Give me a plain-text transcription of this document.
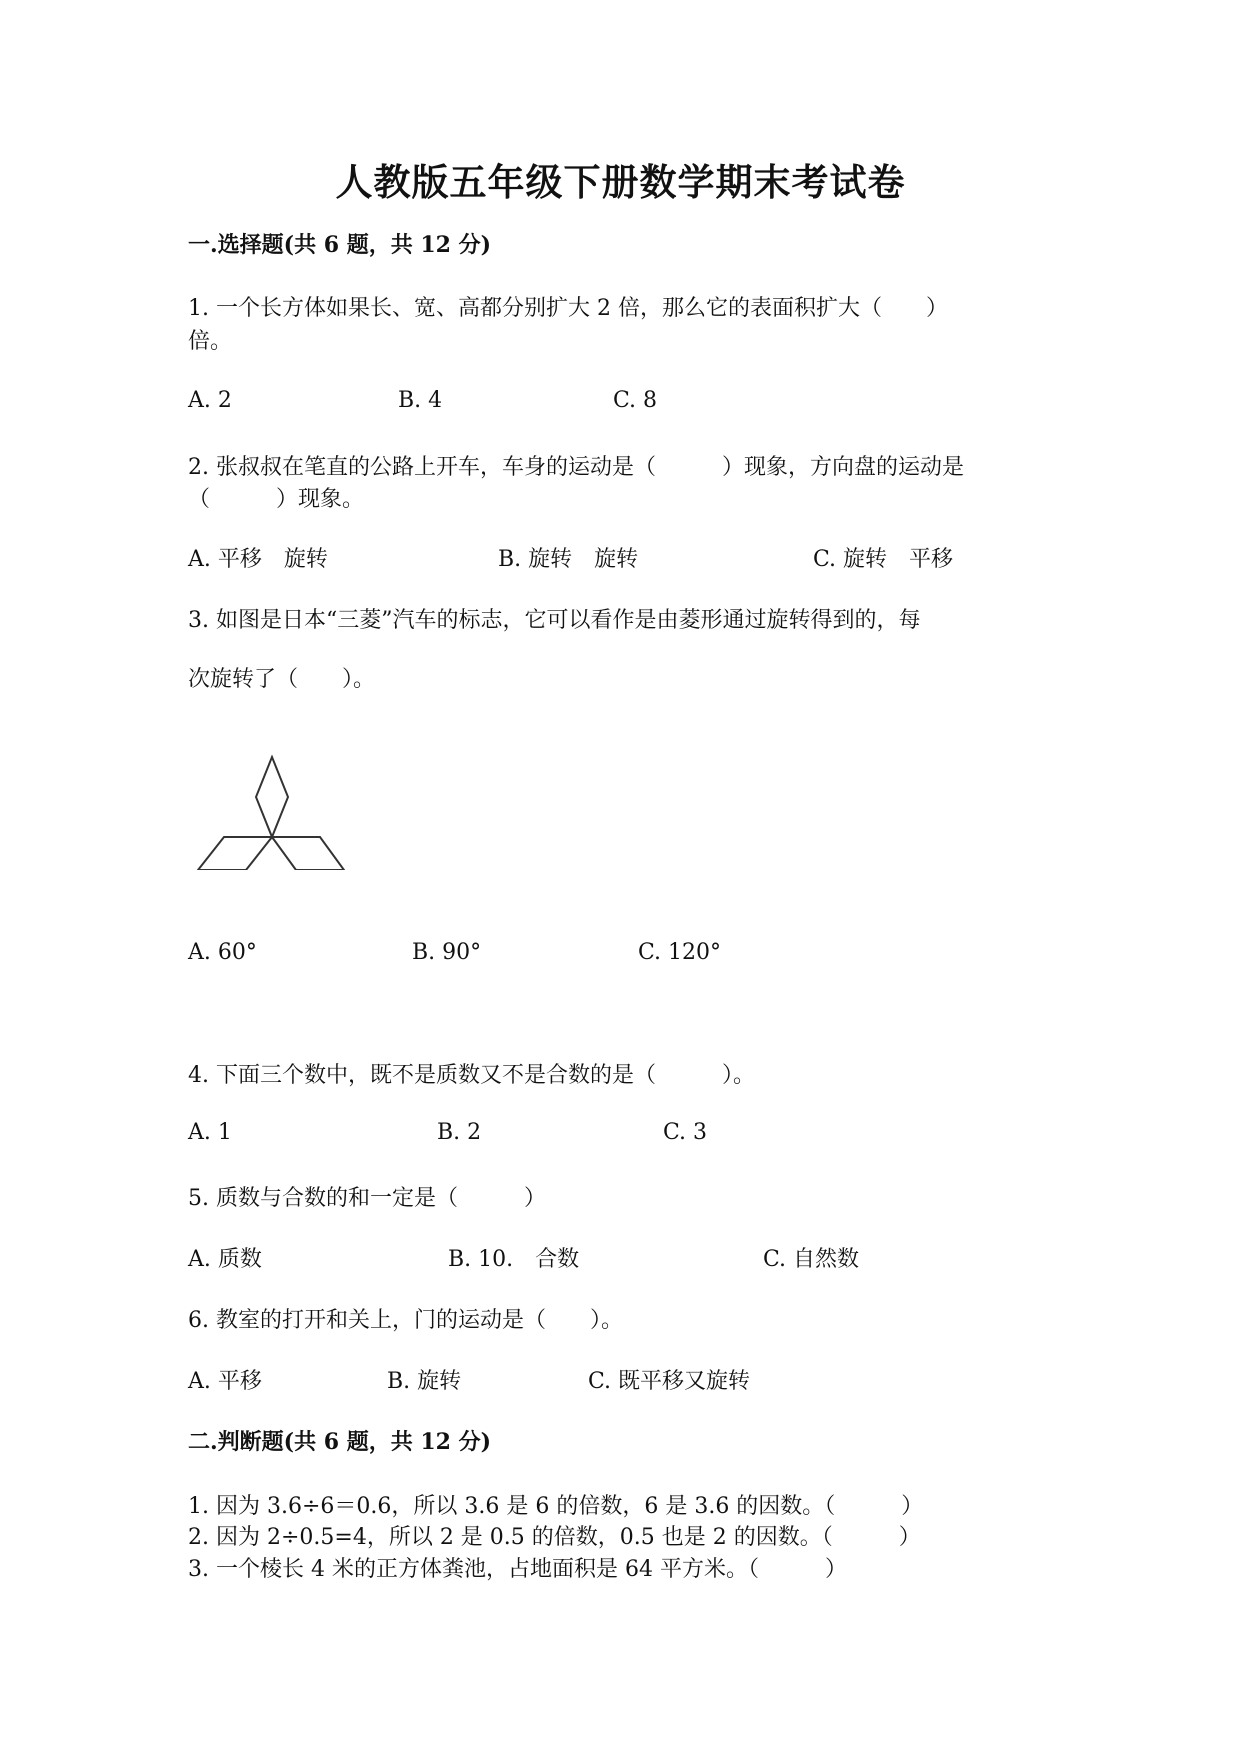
人教版五年级下册数学期末考试卷
一.选择题(共 6 题，共 12 分)

1. 一个长方体如果长、宽、高都分别扩大 2 倍，那么它的表面积扩大（　　）

倍。

A. 2	B. 4	C. 8

2. 张叔叔在笔直的公路上开车，车身的运动是（　　　）现象，方向盘的运动是

（　　　）现象。

A. 平移　旋转	B. 旋转　旋转	C. 旋转　平移

3. 如图是日本“三菱”汽车的标志，它可以看作是由菱形通过旋转得到的，每

次旋转了（　　）。

A. 60°	B. 90°	C. 120°

4. 下面三个数中，既不是质数又不是合数的是（　　　）。

A. 1	B. 2	C. 3

5. 质数与合数的和一定是（　　　）

A. 质数	B. 10.　合数	C. 自然数

6. 教室的打开和关上，门的运动是（　　）。

A. 平移	B. 旋转	C. 既平移又旋转
二.判断题(共 6 题，共 12 分)

1. 因为 3.6÷6＝0.6，所以 3.6 是 6 的倍数，6 是 3.6 的因数。（　　　）

2. 因为 2÷0.5=4，所以 2 是 0.5 的倍数，0.5 也是 2 的因数。（　　　）

3. 一个棱长 4 米的正方体粪池，占地面积是 64 平方米。（　　　）
